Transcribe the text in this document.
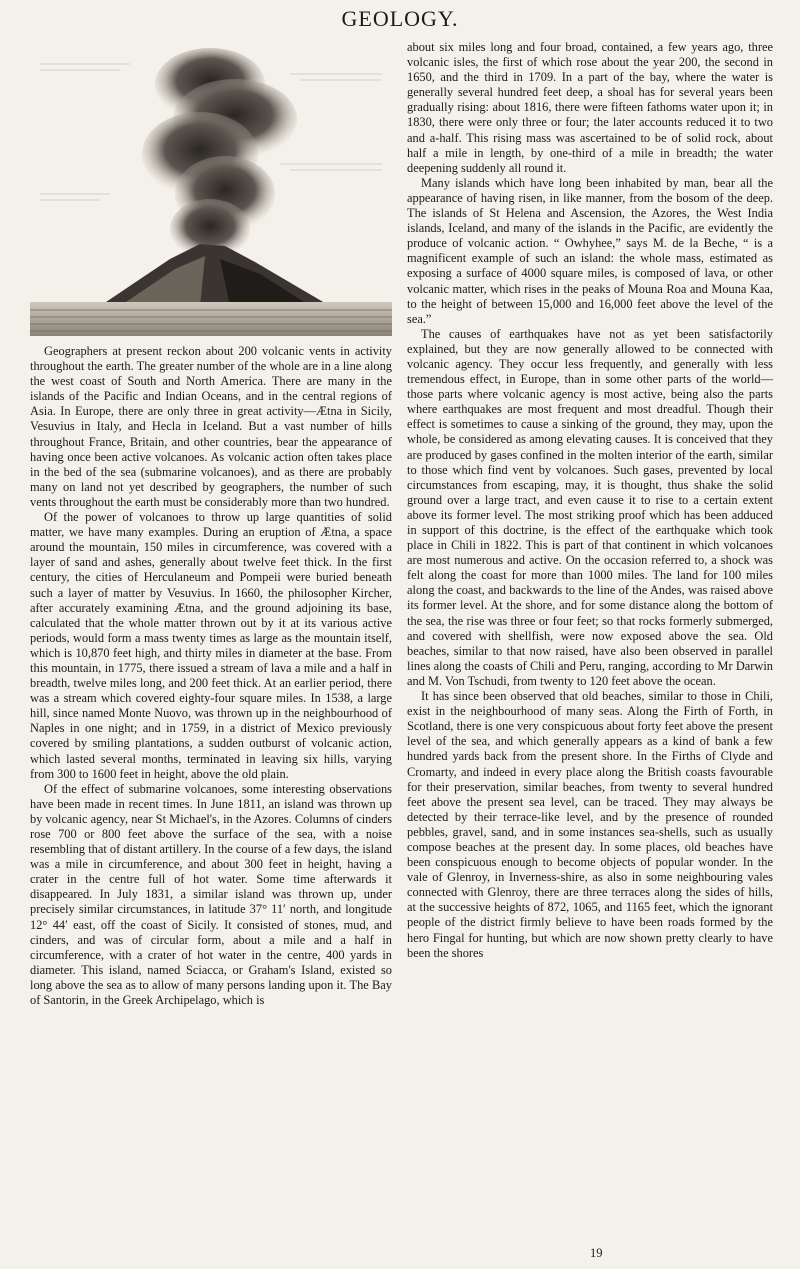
GEOLOGY.

Geographers at present reckon about 200 volcanic vents in activity throughout the earth. The greater number of the whole are in a line along the west coast of South and North America. There are many in the islands of the Pacific and Indian Oceans, and in the central regions of Asia. In Europe, there are only three in great activity—Ætna in Sicily, Vesuvius in Italy, and Hecla in Iceland. But a vast number of hills throughout France, Britain, and other countries, bear the appearance of having once been active volcanoes. As volcanic action often takes place in the bed of the sea (submarine volcanoes), and as there are probably many on land not yet described by geographers, the number of such vents throughout the earth must be considerably more than two hundred.

Of the power of volcanoes to throw up large quantities of solid matter, we have many examples. During an eruption of Ætna, a space around the mountain, 150 miles in circumference, was covered with a layer of sand and ashes, generally about twelve feet thick. In the first century, the cities of Herculaneum and Pompeii were buried beneath such a layer of matter by Vesuvius. In 1660, the philosopher Kircher, after accurately examining Ætna, and the ground adjoining its base, calculated that the whole matter thrown out by it at its various active periods, would form a mass twenty times as large as the mountain itself, which is 10,870 feet high, and thirty miles in diameter at the base. From this mountain, in 1775, there issued a stream of lava a mile and a half in breadth, twelve miles long, and 200 feet thick. At an earlier period, there was a stream which covered eighty-four square miles. In 1538, a large hill, since named Monte Nuovo, was thrown up in the neighbourhood of Naples in one night; and in 1759, in a district of Mexico previously covered by smiling plantations, a sudden outburst of volcanic action, which lasted several months, terminated in leaving six hills, varying from 300 to 1600 feet in height, above the old plain.

Of the effect of submarine volcanoes, some interesting observations have been made in recent times. In June 1811, an island was thrown up by volcanic agency, near St Michael's, in the Azores. Columns of cinders rose 700 or 800 feet above the surface of the sea, with a noise resembling that of distant artillery. In the course of a few days, the island was a mile in circumference, and about 300 feet in height, having a crater in the centre full of hot water. Some time afterwards it disappeared. In July 1831, a similar island was thrown up, under precisely similar circumstances, in latitude 37° 11′ north, and longitude 12° 44′ east, off the coast of Sicily. It consisted of stones, mud, and cinders, and was of circular form, about a mile and a half in circumference, with a crater of hot water in the centre, 400 yards in diameter. This island, named Sciacca, or Graham's Island, existed so long above the sea as to allow of many persons landing upon it. The Bay of Santorin, in the Greek Archipelago, which is

about six miles long and four broad, contained, a few years ago, three volcanic isles, the first of which rose about the year 200, the second in 1650, and the third in 1709. In a part of the bay, where the water is generally several hundred feet deep, a shoal has for several years been gradually rising: about 1816, there were fifteen fathoms water upon it; in 1830, there were only three or four; the later accounts reduced it to two and a-half. This rising mass was ascertained to be of solid rock, about half a mile in length, by one-third of a mile in breadth; the water deepening suddenly all round it.

Many islands which have long been inhabited by man, bear all the appearance of having risen, in like manner, from the bosom of the deep. The islands of St Helena and Ascension, the Azores, the West India islands, Iceland, and many of the islands in the Pacific, are evidently the produce of volcanic action. “ Owhyhee,” says M. de la Beche, “ is a magnificent example of such an island: the whole mass, estimated as exposing a surface of 4000 square miles, is composed of lava, or other volcanic matter, which rises in the peaks of Mouna Roa and Mouna Kaa, to the height of between 15,000 and 16,000 feet above the level of the sea.”

The causes of earthquakes have not as yet been satisfactorily explained, but they are now generally allowed to be connected with volcanic agency. They occur less frequently, and generally with less tremendous effect, in Europe, than in some other parts of the world—those parts where volcanic agency is most active, being also the parts where earthquakes are most frequent and most dreadful. Though their effect is sometimes to cause a sinking of the ground, they may, upon the whole, be considered as among elevating causes. It is conceived that they are produced by gases confined in the molten interior of the earth, similar to those which find vent by volcanoes. Such gases, prevented by local circumstances from escaping, may, it is thought, thus shake the solid ground over a large tract, and even cause it to rise to a certain extent above its former level. The most striking proof which has been adduced in support of this doctrine, is the effect of the earthquake which took place in Chili in 1822. This is part of that continent in which volcanoes are most numerous and active. On the occasion referred to, a shock was felt along the coast for more than 1000 miles. The land for 100 miles along the coast, and backwards to the line of the Andes, was raised above its former level. At the shore, and for some distance along the bottom of the sea, the rise was three or four feet; so that rocks formerly submerged, and covered with shellfish, were now exposed above the sea. Old beaches, similar to that now raised, have also been observed in parallel lines along the coasts of Chili and Peru, ranging, according to Mr Darwin and M. Von Tschudi, from twenty to 120 feet above the ocean.

It has since been observed that old beaches, similar to those in Chili, exist in the neighbourhood of many seas. Along the Firth of Forth, in Scotland, there is one very conspicuous about forty feet above the present level of the sea, and which generally appears as a kind of bank a few hundred yards back from the present shore. In the Firths of Clyde and Cromarty, and indeed in every place along the British coasts favourable for their preservation, similar beaches, from twenty to several hundred feet above the present sea level, can be traced. They may always be detected by their terrace-like level, and by the presence of rounded pebbles, gravel, sand, and in some instances sea-shells, such as usually compose beaches at the present day. In some places, old beaches have been conspicuous enough to become objects of popular wonder. In the vale of Glenroy, in Inverness-shire, as also in some neighbouring vales connected with Glenroy, there are three terraces along the sides of hills, at the successive heights of 872, 1065, and 1165 feet, which the ignorant people of the district firmly believe to have been roads formed by the hero Fingal for hunting, but which are now shown pretty clearly to have been the shores

19
